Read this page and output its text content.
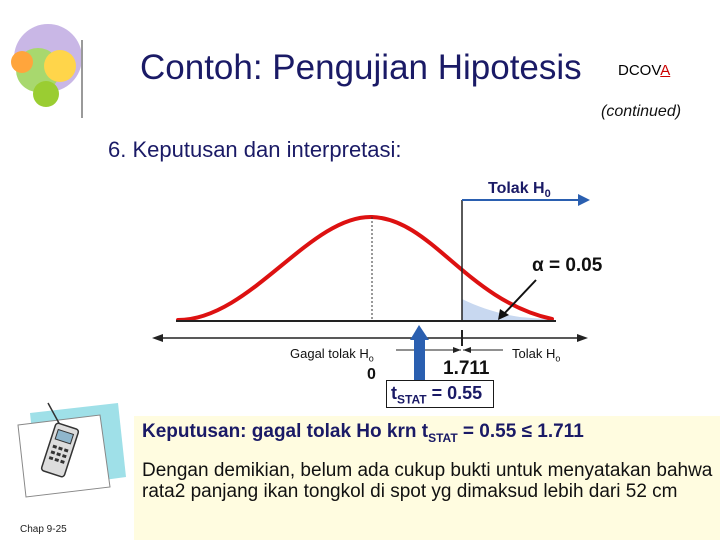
Contoh: Pengujian Hipotesis DCOVA
(continued)
6. Keputusan dan interpretasi:
Tolak $H_0$
α = 0.05
Gagal tolak $H_o$	Tolak $H_o$
0	1.711
$t_{STAT} = 0.55$
Keputusan: gagal tolak Ho krn $t_{STAT} = 0.55 \le 1.711$
Dengan demikian, belum ada cukup bukti untuk menyatakan bahwa rata2 panjang ikan tongkol di spot yg dimaksud lebih dari 52 cm
Chap 9-25
